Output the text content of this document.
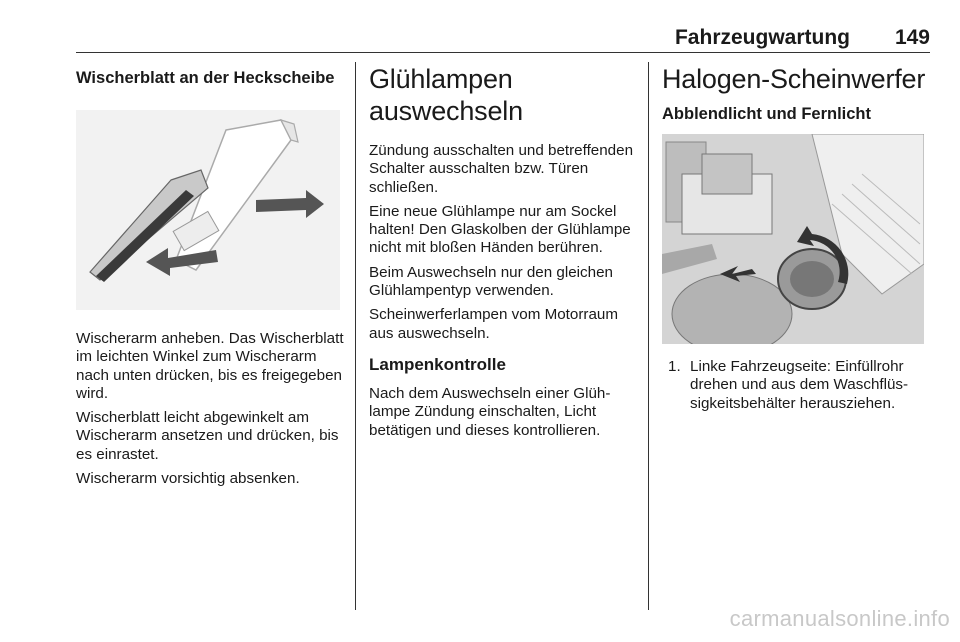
Fahrzeugwartung	149
Wischerblatt an der Heckscheibe

Wischerarm anheben. Das Wischerblatt im leichten Winkel zum Wischerarm nach unten drücken, bis es freigegeben wird.

Wischerblatt leicht abgewinkelt am Wischerarm ansetzen und drücken, bis es einrastet.

Wischerarm vorsichtig absenken.

Glühlampen
auswechseln

Zündung ausschalten und betreffenden Schalter ausschalten bzw. Türen schließen.

Eine neue Glühlampe nur am Sockel halten! Den Glaskolben der Glühlampe nicht mit bloßen Händen berühren.

Beim Auswechseln nur den gleichen Glühlampentyp verwenden.

Scheinwerferlampen vom Motorraum aus auswechseln.

Lampenkontrolle

Nach dem Auswechseln einer Glühlampe Zündung einschalten, Licht betätigen und dieses kontrollieren.

Halogen-Scheinwerfer
Abblendlicht und Fernlicht
1. Linke Fahrzeugseite: Einfüllrohr drehen und aus dem Waschflüssigkeitsbehälter herausziehen.
carmanualsonline.info
